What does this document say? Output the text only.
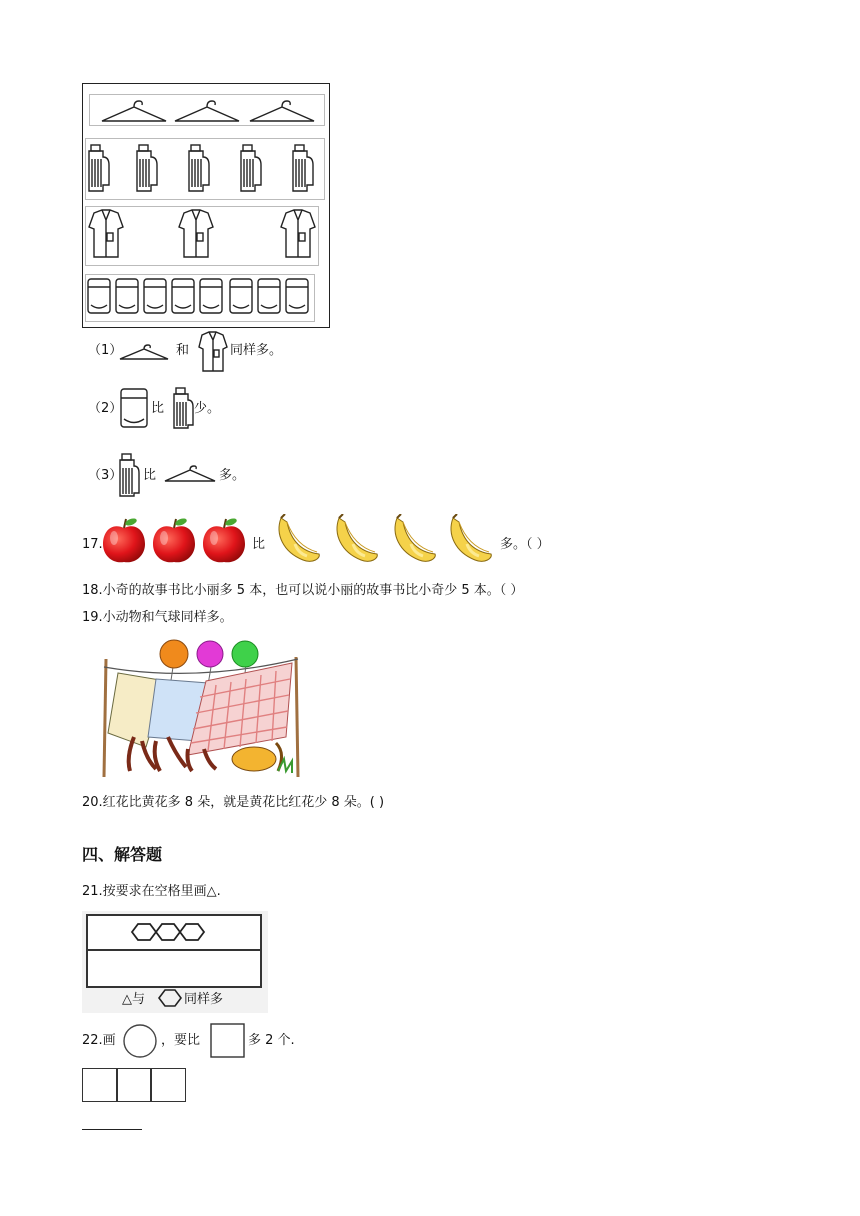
（1）	和	同样多。
（2） 比 少。
（3） 比	多。
17.	比	多。（ ）
18.小奇的故事书比小丽多 5 本，也可以说小丽的故事书比小奇少 5 本。（ ）
19.小动物和气球同样多。
20.红花比黄花多 8 朵，就是黄花比红花少 8 朵。( )
四、解答题
21.按要求在空格里画△.
△与	同样多
22.画	，要比	多 2 个.
